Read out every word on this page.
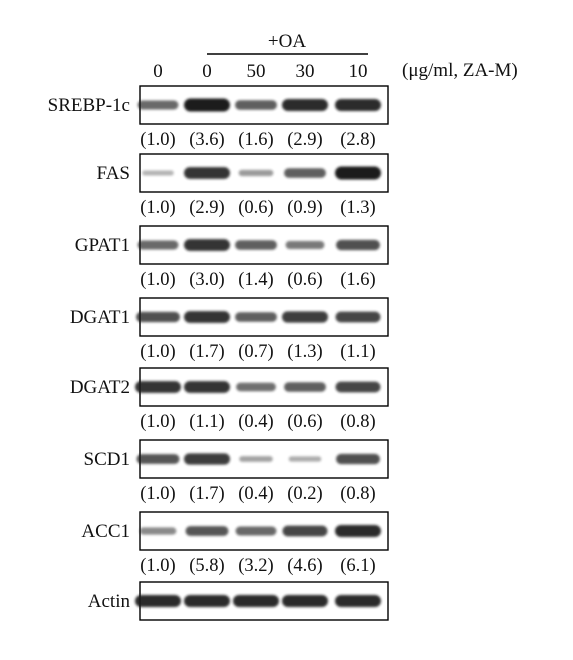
+OA
0 0 50 30 10 (μg/ml, ZA-M)
SREBP-1c
(1.0) (3.6) (1.6) (2.9) (2.8)
FAS
(1.0) (2.9) (0.6) (0.9) (1.3)
GPAT1
(1.0) (3.0) (1.4) (0.6) (1.6)
DGAT1
(1.0) (1.7) (0.7) (1.3) (1.1)
DGAT2
(1.0) (1.1) (0.4) (0.6) (0.8)
SCD1
(1.0) (1.7) (0.4) (0.2) (0.8)
ACC1
(1.0) (5.8) (3.2) (4.6) (6.1)
Actin
